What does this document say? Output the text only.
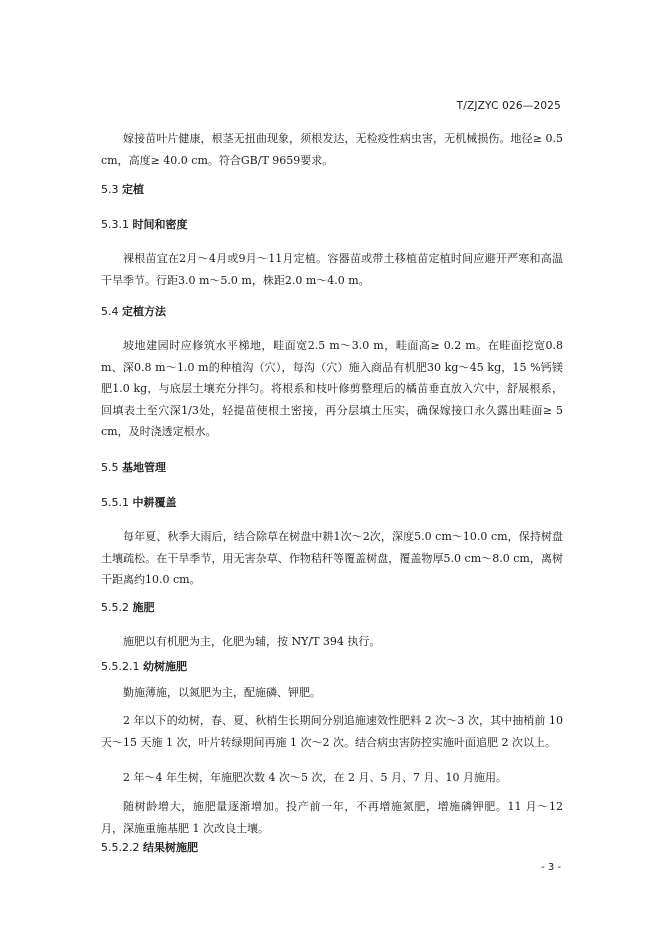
T/ZJZYC 026—2025

嫁接苗叶片健康，根茎无扭曲现象，须根发达，无检疫性病虫害，无机械损伤。地径≥ 0.5 cm，高度≥ 40.0 cm。符合GB/T 9659要求。

5.3 定植
5.3.1 时间和密度

裸根苗宜在2月～4月或9月～11月定植。容器苗或带土移植苗定植时间应避开严寒和高温干旱季节。行距3.0 m～5.0 m，株距2.0 m～4.0 m。

5.4 定植方法

坡地建园时应修筑水平梯地，畦面宽2.5 m～3.0 m，畦面高≥ 0.2 m。在畦面挖宽0.8 m、深0.8 m～1.0 m的种植沟（穴），每沟（穴）施入商品有机肥30 kg～45 kg，15 %钙镁肥1.0 kg，与底层土壤充分拌匀。将根系和枝叶修剪整理后的橘苗垂直放入穴中，舒展根系，回填表土至穴深1/3处，轻提苗使根土密接，再分层填土压实，确保嫁接口永久露出畦面≥ 5 cm，及时浇透定根水。

5.5 基地管理
5.5.1 中耕覆盖

每年夏、秋季大雨后，结合除草在树盘中耕1次～2次，深度5.0 cm～10.0 cm，保持树盘土壤疏松。在干旱季节，用无害杂草、作物秸秆等覆盖树盘，覆盖物厚5.0 cm～8.0 cm，离树干距离约10.0 cm。

5.5.2 施肥

施肥以有机肥为主，化肥为辅，按 NY/T 394 执行。

5.5.2.1 幼树施肥

勤施薄施，以氮肥为主，配施磷、钾肥。

2 年以下的幼树，春、夏、秋梢生长期间分别追施速效性肥料 2 次～3 次，其中抽梢前 10 天～15 天施 1 次，叶片转绿期间再施 1 次～2 次。结合病虫害防控实施叶面追肥 2 次以上。

2 年～4 年生树，年施肥次数 4 次～5 次，在 2 月、5 月、7 月、10 月施用。

随树龄增大，施肥量逐渐增加。投产前一年，不再增施氮肥，增施磷钾肥。11 月～12 月，深施重施基肥 1 次改良土壤。

5.5.2.2 结果树施肥
- 3 -
